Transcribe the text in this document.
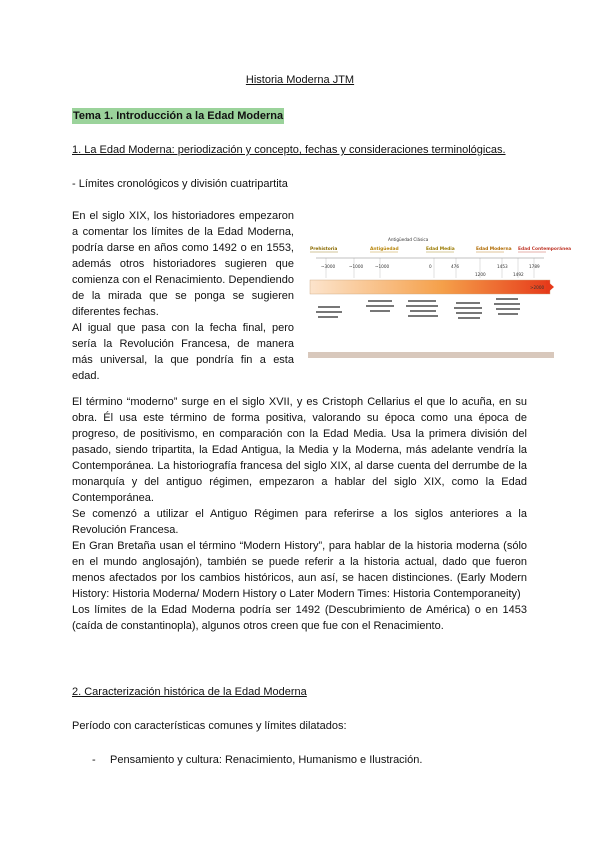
Historia Moderna JTM
Tema 1. Introducción a la Edad Moderna
1. La Edad Moderna: periodización y concepto, fechas y consideraciones terminológicas.
- Límites cronológicos y división cuatripartita

En el siglo XIX, los historiadores empezaron a comentar los límites de la Edad Moderna, podría darse en años como 1492 o en 1553, además otros historiadores sugieren que comienza con el Renacimiento. Dependiendo de la mirada que se ponga se sugieren diferentes fechas.

Al igual que pasa con la fecha final, pero sería la Revolución Francesa, de manera más universal, la que pondría fin a esta edad.

Antigüedad Clásica
Prehistoria	Antigüedad	Edad Media	Edad Moderna Edad Contemporánea
~3000	~1000	~1000	0	476
1200
1453
1492
1789
>2000

El término “moderno” surge en el siglo XVII, y es Cristoph Cellarius el que lo acuña, en su obra. Él usa este término de forma positiva, valorando su época como una época de progreso, de positivismo, en comparación con la Edad Media. Usa la primera división del pasado, siendo tripartita, la Edad Antigua, la Media y la Moderna, más adelante vendría la Contemporánea. La historiografía francesa del siglo XIX, al darse cuenta del derrumbe de la monarquía y del antiguo régimen, empezaron a hablar del siglo XIX, como la Edad Contemporánea.

Se comenzó a utilizar el Antiguo Régimen para referirse a los siglos anteriores a la Revolución Francesa.

En Gran Bretaña usan el término “Modern History”, para hablar de la historia moderna (sólo en el mundo anglosajón), también se puede referir a la historia actual, dado que fueron menos afectados por los cambios históricos, aun así, se hacen distinciones. (Early Modern History: Historia Moderna/ Modern History o Later Modern Times: Historia Contemporaneity)

Los límites de la Edad Moderna podría ser 1492 (Descubrimiento de América) o en 1453 (caída de constantinopla), algunos otros creen que fue con el Renacimiento.

2. Caracterización histórica de la Edad Moderna
Período con características comunes y límites dilatados:
- Pensamiento y cultura: Renacimiento, Humanismo e Ilustración.
